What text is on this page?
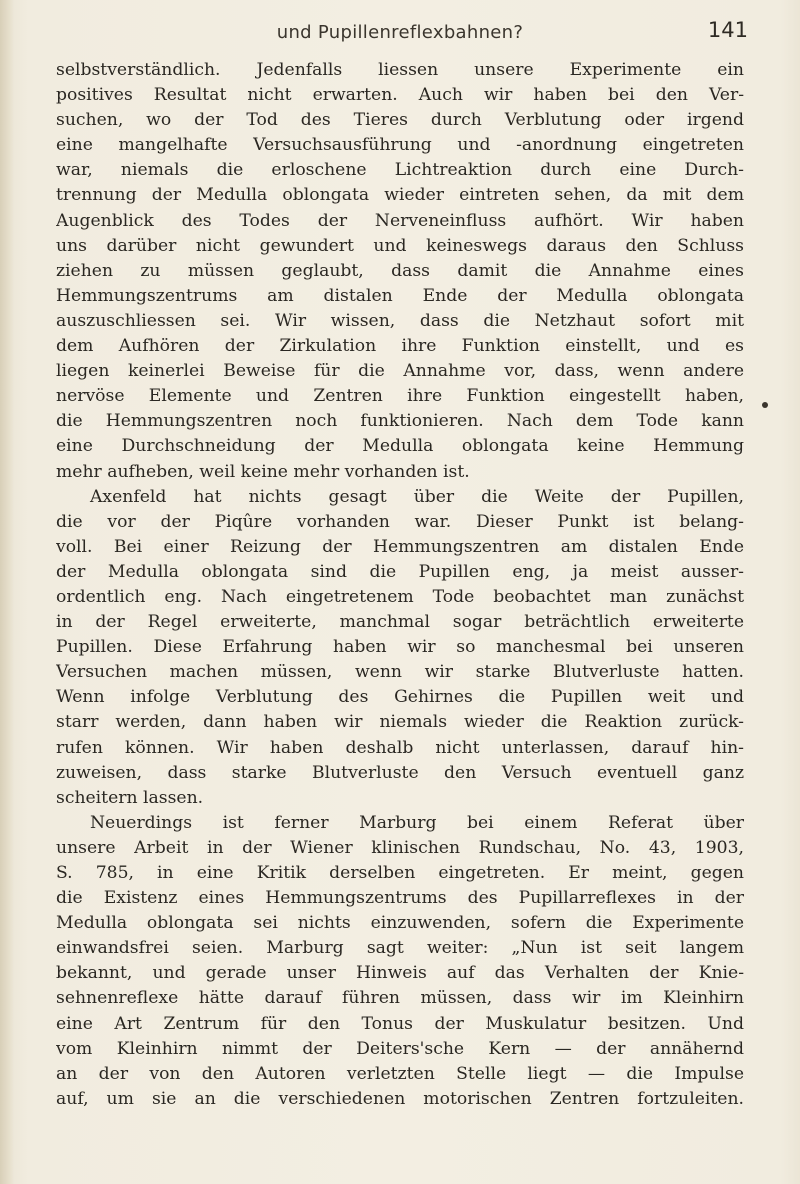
und Pupillenreflexbahnen?	141
selbstverständlich. Jedenfalls liessen unsere Experimente ein
positives Resultat nicht erwarten. Auch wir haben bei den Ver-
suchen, wo der Tod des Tieres durch Verblutung oder irgend
eine mangelhafte Versuchsausführung und -anordnung eingetreten
war, niemals die erloschene Lichtreaktion durch eine Durch-
trennung der Medulla oblongata wieder eintreten sehen, da mit dem
Augenblick des Todes der Nerveneinfluss aufhört. Wir haben
uns darüber nicht gewundert und keineswegs daraus den Schluss
ziehen zu müssen geglaubt, dass damit die Annahme eines
Hemmungszentrums am distalen Ende der Medulla oblongata
auszuschliessen sei. Wir wissen, dass die Netzhaut sofort mit
dem Aufhören der Zirkulation ihre Funktion einstellt, und es
liegen keinerlei Beweise für die Annahme vor, dass, wenn andere
nervöse Elemente und Zentren ihre Funktion eingestellt haben,
die Hemmungszentren noch funktionieren. Nach dem Tode kann
eine Durchschneidung der Medulla oblongata keine Hemmung
mehr aufheben, weil keine mehr vorhanden ist.
Axenfeld hat nichts gesagt über die Weite der Pupillen,
die vor der Piqûre vorhanden war. Dieser Punkt ist belang-
voll. Bei einer Reizung der Hemmungszentren am distalen Ende
der Medulla oblongata sind die Pupillen eng, ja meist ausser-
ordentlich eng. Nach eingetretenem Tode beobachtet man zunächst
in der Regel erweiterte, manchmal sogar beträchtlich erweiterte
Pupillen. Diese Erfahrung haben wir so manchesmal bei unseren
Versuchen machen müssen, wenn wir starke Blutverluste hatten.
Wenn infolge Verblutung des Gehirnes die Pupillen weit und
starr werden, dann haben wir niemals wieder die Reaktion zurück-
rufen können. Wir haben deshalb nicht unterlassen, darauf hin-
zuweisen, dass starke Blutverluste den Versuch eventuell ganz
scheitern lassen.
Neuerdings ist ferner Marburg bei einem Referat über
unsere Arbeit in der Wiener klinischen Rundschau, No. 43, 1903,
S. 785, in eine Kritik derselben eingetreten. Er meint, gegen
die Existenz eines Hemmungszentrums des Pupillarreflexes in der
Medulla oblongata sei nichts einzuwenden, sofern die Experimente
einwandsfrei seien. Marburg sagt weiter: „Nun ist seit langem
bekannt, und gerade unser Hinweis auf das Verhalten der Knie-
sehnenreflexe hätte darauf führen müssen, dass wir im Kleinhirn
eine Art Zentrum für den Tonus der Muskulatur besitzen. Und
vom Kleinhirn nimmt der Deiters'sche Kern — der annähernd
an der von den Autoren verletzten Stelle liegt — die Impulse
auf, um sie an die verschiedenen motorischen Zentren fortzuleiten.
